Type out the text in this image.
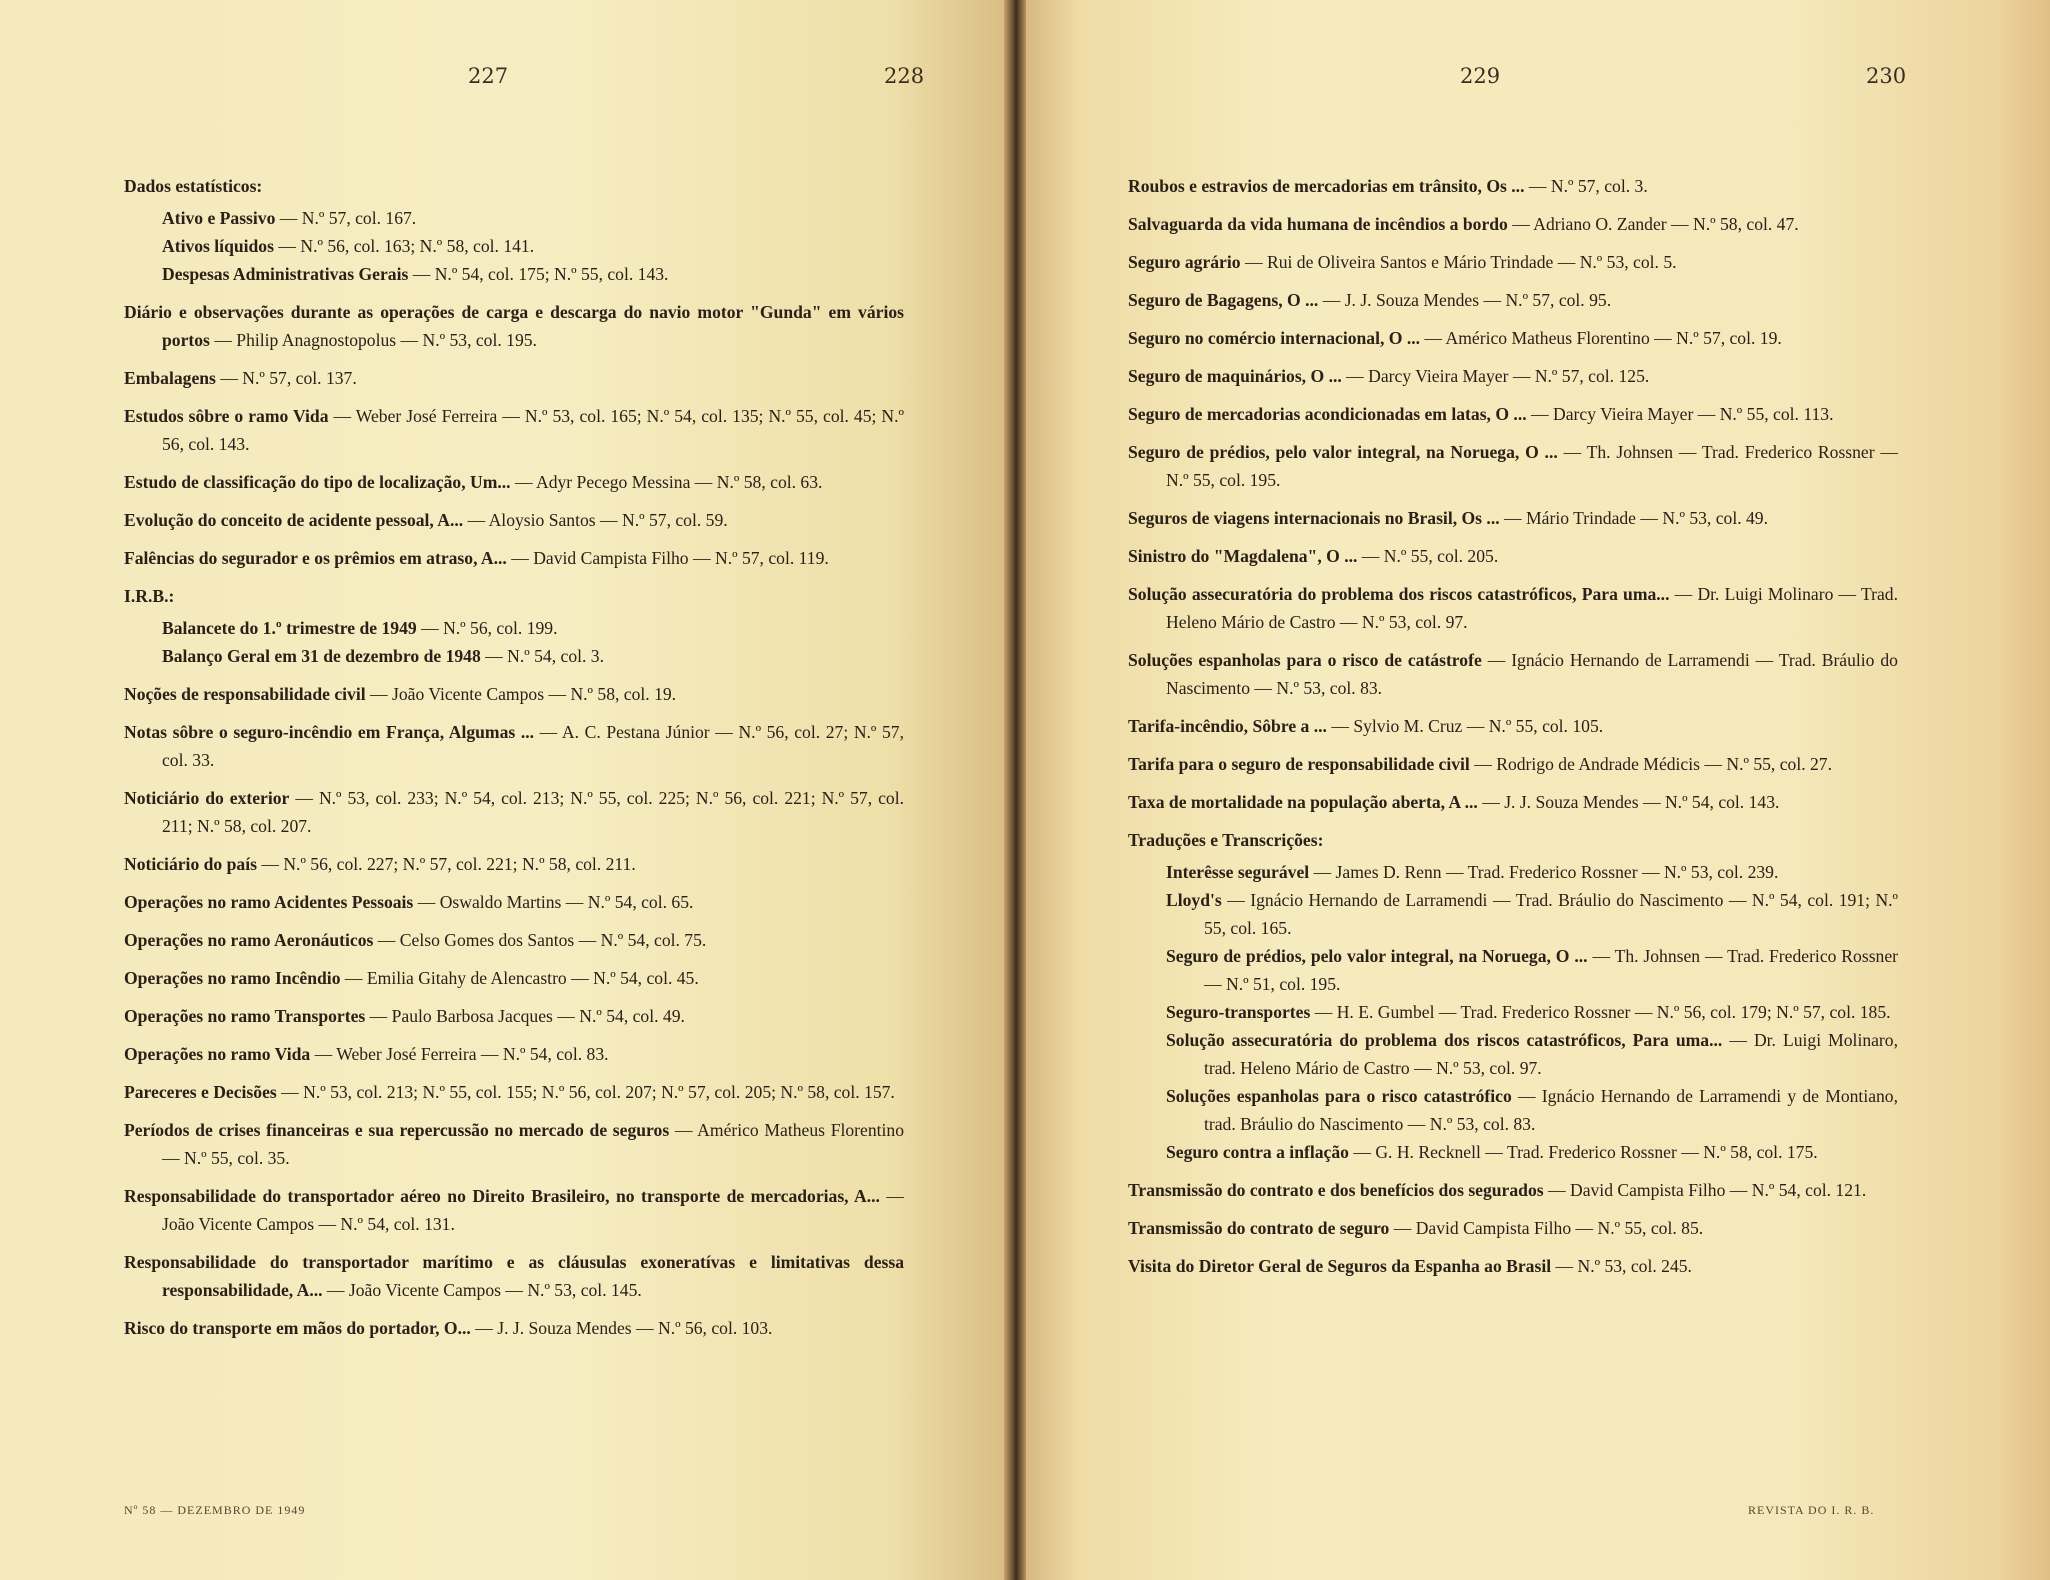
227	228
Dados estatísticos:
Ativo e Passivo — N.º 57, col. 167.
Ativos líquidos — N.º 56, col. 163; N.º 58, col. 141.
Despesas Administrativas Gerais — N.º 54, col. 175; N.º 55, col. 143.
Diário e observações durante as operações de carga e descarga do navio motor "Gunda" em vários portos — Philip Anagnostopolus — N.º 53, col. 195.
Embalagens — N.º 57, col. 137.
Estudos sôbre o ramo Vida — Weber José Ferreira — N.º 53, col. 165; N.º 54, col. 135; N.º 55, col. 45; N.º 56, col. 143.
Estudo de classificação do tipo de localização, Um... — Adyr Pecego Messina — N.º 58, col. 63.
Evolução do conceito de acidente pessoal, A... — Aloysio Santos — N.º 57, col. 59.
Falências do segurador e os prêmios em atraso, A... — David Campista Filho — N.º 57, col. 119.
I.R.B.:
Balancete do 1.º trimestre de 1949 — N.º 56, col. 199.
Balanço Geral em 31 de dezembro de 1948 — N.º 54, col. 3.
Noções de responsabilidade civil — João Vicente Campos — N.º 58, col. 19.
Notas sôbre o seguro-incêndio em França, Algumas ... — A. C. Pestana Júnior — N.º 56, col. 27; N.º 57, col. 33.
Noticiário do exterior — N.º 53, col. 233; N.º 54, col. 213; N.º 55, col. 225; N.º 56, col. 221; N.º 57, col. 211; N.º 58, col. 207.
Noticiário do país — N.º 56, col. 227; N.º 57, col. 221; N.º 58, col. 211.
Operações no ramo Acidentes Pessoais — Oswaldo Martins — N.º 54, col. 65.
Operações no ramo Aeronáuticos — Celso Gomes dos Santos — N.º 54, col. 75.
Operações no ramo Incêndio — Emilia Gitahy de Alencastro — N.º 54, col. 45.
Operações no ramo Transportes — Paulo Barbosa Jacques — N.º 54, col. 49.
Operações no ramo Vida — Weber José Ferreira — N.º 54, col. 83.
Pareceres e Decisões — N.º 53, col. 213; N.º 55, col. 155; N.º 56, col. 207; N.º 57, col. 205; N.º 58, col. 157.
Períodos de crises financeiras e sua repercussão no mercado de seguros — Américo Matheus Florentino — N.º 55, col. 35.
Responsabilidade do transportador aéreo no Direito Brasileiro, no transporte de mercadorias, A... — João Vicente Campos — N.º 54, col. 131.
Responsabilidade do transportador marítimo e as cláusulas exoneratívas e limitativas dessa responsabilidade, A... — João Vicente Campos — N.º 53, col. 145.
Risco do transporte em mãos do portador, O... — J. J. Souza Mendes — N.º 56, col. 103.
Nº 58 — DEZEMBRO DE 1949
229	230
Roubos e estravios de mercadorias em trânsito, Os ... — N.º 57, col. 3.
Salvaguarda da vida humana de incêndios a bordo — Adriano O. Zander — N.º 58, col. 47.
Seguro agrário — Rui de Oliveira Santos e Mário Trindade — N.º 53, col. 5.
Seguro de Bagagens, O ... — J. J. Souza Mendes — N.º 57, col. 95.
Seguro no comércio internacional, O ... — Américo Matheus Florentino — N.º 57, col. 19.
Seguro de maquinários, O ... — Darcy Vieira Mayer — N.º 57, col. 125.
Seguro de mercadorias acondicionadas em latas, O ... — Darcy Vieira Mayer — N.º 55, col. 113.
Seguro de prédios, pelo valor integral, na Noruega, O ... — Th. Johnsen — Trad. Frederico Rossner — N.º 55, col. 195.
Seguros de viagens internacionais no Brasil, Os ... — Mário Trindade — N.º 53, col. 49.
Sinistro do "Magdalena", O ... — N.º 55, col. 205.
Solução assecuratória do problema dos riscos catastróficos, Para uma... — Dr. Luigi Molinaro — Trad. Heleno Mário de Castro — N.º 53, col. 97.
Soluções espanholas para o risco de catástrofe — Ignácio Hernando de Larramendi — Trad. Bráulio do Nascimento — N.º 53, col. 83.
Tarifa-incêndio, Sôbre a ... — Sylvio M. Cruz — N.º 55, col. 105.
Tarifa para o seguro de responsabilidade civil — Rodrigo de Andrade Médicis — N.º 55, col. 27.
Taxa de mortalidade na população aberta, A ... — J. J. Souza Mendes — N.º 54, col. 143.
Traduções e Transcrições:
Interêsse segurável — James D. Renn — Trad. Frederico Rossner — N.º 53, col. 239.
Lloyd's — Ignácio Hernando de Larramendi — Trad. Bráulio do Nascimento — N.º 54, col. 191; N.º 55, col. 165.
Seguro de prédios, pelo valor integral, na Noruega, O ... — Th. Johnsen — Trad. Frederico Rossner — N.º 51, col. 195.
Seguro-transportes — H. E. Gumbel — Trad. Frederico Rossner — N.º 56, col. 179; N.º 57, col. 185.
Solução assecuratória do problema dos riscos catastróficos, Para uma... — Dr. Luigi Molinaro, trad. Heleno Mário de Castro — N.º 53, col. 97.
Soluções espanholas para o risco catastrófico — Ignácio Hernando de Larramendi y de Montiano, trad. Bráulio do Nascimento — N.º 53, col. 83.
Seguro contra a inflação — G. H. Recknell — Trad. Frederico Rossner — N.º 58, col. 175.
Transmissão do contrato e dos benefícios dos segurados — David Campista Filho — N.º 54, col. 121.
Transmissão do contrato de seguro — David Campista Filho — N.º 55, col. 85.
Visita do Diretor Geral de Seguros da Espanha ao Brasil — N.º 53, col. 245.
REVISTA DO I. R. B.
